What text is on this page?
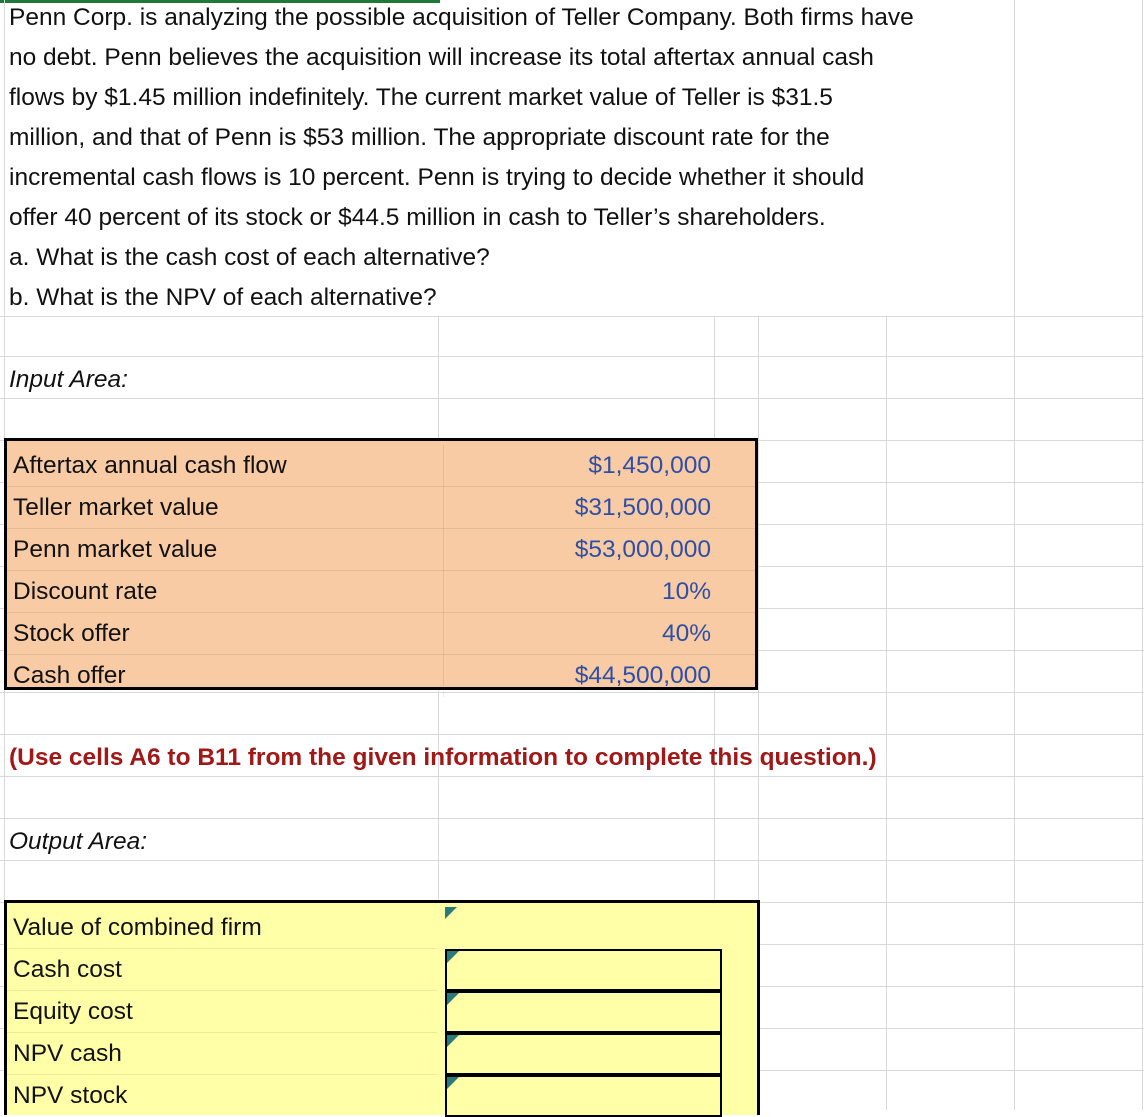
Penn Corp. is analyzing the possible acquisition of Teller Company. Both firms have
no debt. Penn believes the acquisition will increase its total aftertax annual cash
flows by $1.45 million indefinitely. The current market value of Teller is $31.5
million, and that of Penn is $53 million. The appropriate discount rate for the
incremental cash flows is 10 percent. Penn is trying to decide whether it should
offer 40 percent of its stock or $44.5 million in cash to Teller’s shareholders.
a. What is the cash cost of each alternative?
b. What is the NPV of each alternative?
Input Area:
Aftertax annual cash flow	$1,450,000
Teller market value	$31,500,000
Penn market value	$53,000,000
Discount rate	10%
Stock offer	40%
Cash offer	$44,500,000
(Use cells A6 to B11 from the given information to complete this question.)
Output Area:
Value of combined firm
Cash cost
Equity cost
NPV cash
NPV stock
